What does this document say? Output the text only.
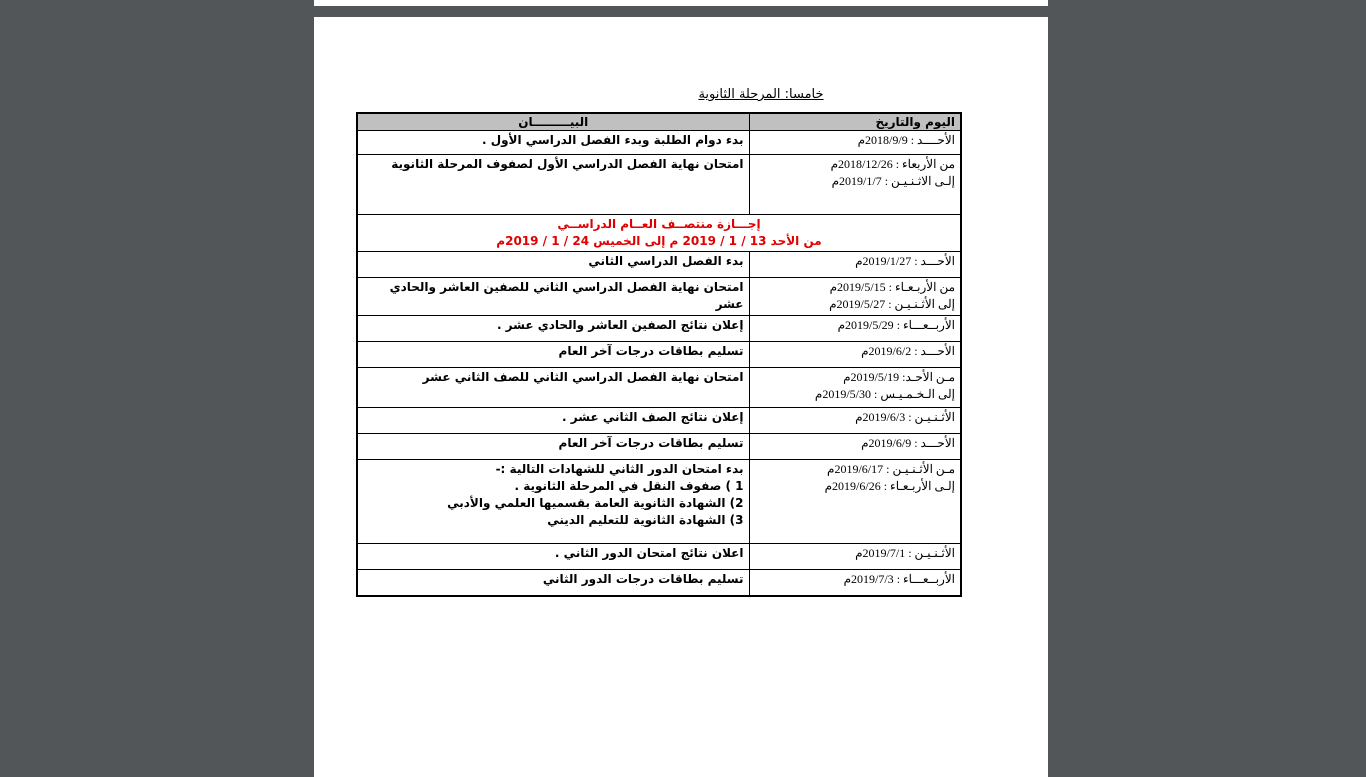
خامسا: المرحلة الثانوية
اليوم والتاريخ	البيـــــــــان

الأحــــد : 2018/9/9م	بدء دوام الطلبة وبدء الفصل الدراسي الأول .

من الأربعاء : 2018/12/26م
إلـى الاثـنـيـن : 2019/1/7م	امتحان نهاية الفصل الدراسي الأول لصفوف المرحلة الثانوية

إجـــازة منتصــف العــام الدراســي
من الأحد 13 / 1 / 2019 م إلى الخميس 24 / 1 / 2019م	

الأحـــد : 2019/1/27م	بدء الفصل الدراسي الثاني

من الأربـعـاء : 2019/5/15م
إلى الأثـنـيـن : 2019/5/27م	امتحان نهاية الفصل الدراسي الثاني للصفين العاشر والحادي عشر

الأربــعـــاء : 2019/5/29م	إعلان نتائج الصفين العاشر والحادي عشر .

الأحـــد : 2019/6/2م	تسليم بطاقات درجات آخر العام

مـن الأحـد: 2019/5/19م
إلى الـخـمـيـس : 2019/5/30م	امتحان نهاية الفصل الدراسي الثاني للصف الثاني عشر

الأثـنـيـن : 2019/6/3م	إعلان نتائج الصف الثاني عشر .

الأحـــد : 2019/6/9م	تسليم بطاقات درجات آخر العام

مـن الأثـنـيـن : 2019/6/17م
إلـى الأربـعـاء : 2019/6/26م	بدء امتحان الدور الثاني للشهادات التالية :-
1 ) صفوف النقل في المرحلة الثانوية .
2) الشهادة الثانوية العامة بقسميها العلمي والأدبي
3) الشهادة الثانوية للتعليم الديني

الأثـنـيـن : 2019/7/1م	اعلان نتائج امتحان الدور الثاني .

الأربــعـــاء : 2019/7/3م	تسليم بطاقات درجات الدور الثاني
